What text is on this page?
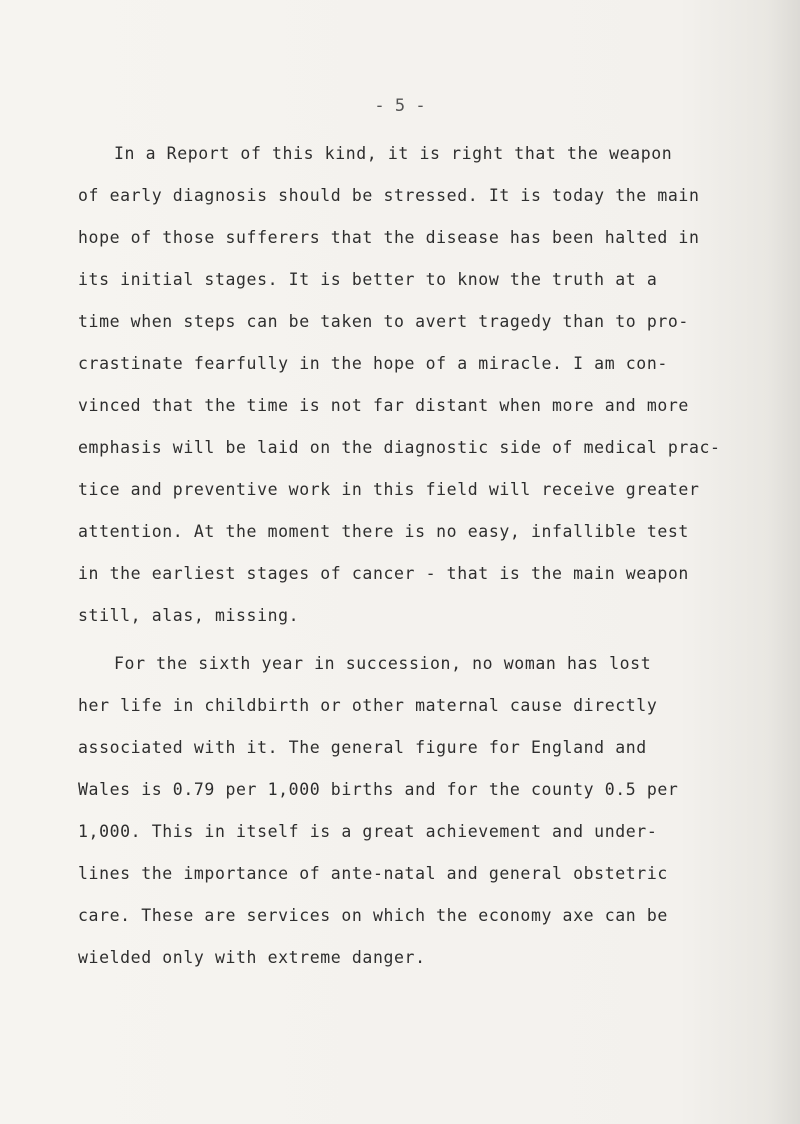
- 5 -
In a Report of this kind, it is right that the weapon
of early diagnosis should be stressed. It is today the main
hope of those sufferers that the disease has been halted in
its initial stages. It is better to know the truth at a
time when steps can be taken to avert tragedy than to pro-
crastinate fearfully in the hope of a miracle. I am con-
vinced that the time is not far distant when more and more
emphasis will be laid on the diagnostic side of medical prac-
tice and preventive work in this field will receive greater
attention. At the moment there is no easy, infallible test
in the earliest stages of cancer - that is the main weapon
still, alas, missing.
For the sixth year in succession, no woman has lost
her life in childbirth or other maternal cause directly
associated with it. The general figure for England and
Wales is 0.79 per 1,000 births and for the county 0.5 per
1,000. This in itself is a great achievement and under-
lines the importance of ante-natal and general obstetric
care. These are services on which the economy axe can be
wielded only with extreme danger.
